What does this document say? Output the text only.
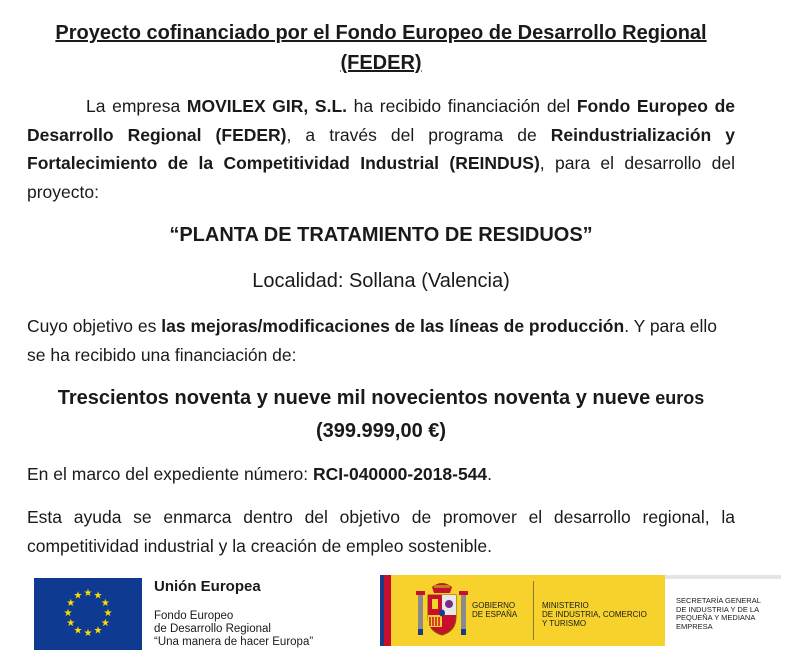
Proyecto cofinanciado por el Fondo Europeo de Desarrollo Regional
(FEDER)
La empresa MOVILEX GIR, S.L. ha recibido financiación del Fondo Europeo de Desarrollo Regional (FEDER), a través del programa de Reindustrialización y Fortalecimiento de la Competitividad Industrial (REINDUS), para el desarrollo del proyecto:
“PLANTA DE TRATAMIENTO DE RESIDUOS”
Localidad: Sollana (Valencia)
Cuyo objetivo es las mejoras/modificaciones de las líneas de producción. Y para ello se ha recibido una financiación de:
Trescientos noventa y nueve mil novecientos noventa y nueve euros
(399.999,00 €)
En el marco del expediente número: RCI-040000-2018-544.
Esta ayuda se enmarca dentro del objetivo de promover el desarrollo regional, la competitividad industrial y la creación de empleo sostenible.
★ ★
★
★
★
★
★
★
★
★
★
★
Unión Europea
Fondo Europeo
de Desarrollo Regional
“Una manera de hacer Europa”
GOBIERNO
DE ESPAÑA
MINISTERIO
DE INDUSTRIA, COMERCIO
Y TURISMO
SECRETARÍA GENERAL
DE INDUSTRIA Y DE LA
PEQUEÑA Y MEDIANA
EMPRESA
